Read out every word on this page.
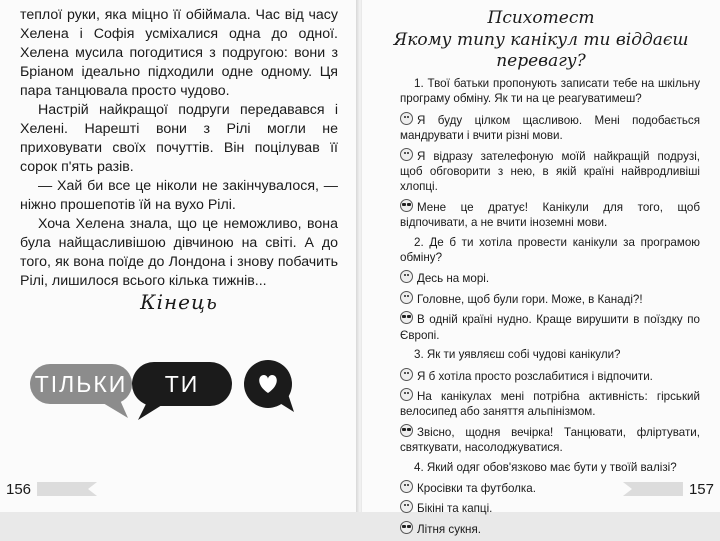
теплої руки, яка міцно її обіймала. Час від часу Хелена і Софія усміхалися одна до одної. Хелена мусила погодитися з подругою: вони з Бріаном ідеально підходили одне одному. Ця пара танцювала просто чудово.

Настрій найкращої подруги передавався і Хелені. Нарешті вони з Рілі могли не приховувати своїх почуттів. Він поцілував її сорок п'ять разів.

— Хай би все це ніколи не закінчувалося, — ніжно прошепотів їй на вухо Рілі.

Хоча Хелена знала, що це неможливо, вона була найщасливішою дівчиною на світі. А до того, як вона поїде до Лондона і знову побачить Рілі, лишилося всього кілька тижнів...

Кінець
ТІЛЬКИ	ТИ
156
Психотест
Якому типу канікул ти віддаєш
перевагу?

1. Твої батьки пропонують записати тебе на шкільну програму обміну. Як ти на це реагуватимеш?

Я буду цілком щасливою. Мені подобається мандрувати і вчити різні мови.

Я відразу зателефоную моїй найкращій подрузі, щоб обговорити з нею, в якій країні найвродливіші хлопці.

Мене це дратує! Канікули для того, щоб відпочивати, а не вчити іноземні мови.

2. Де б ти хотіла провести канікули за програмою обміну?

Десь на морі.

Головне, щоб були гори. Може, в Канаді?!

В одній країні нудно. Краще вирушити в поїздку по Європі.

3. Як ти уявляєш собі чудові канікули?

Я б хотіла просто розслабитися і відпочити.

На канікулах мені потрібна активність: гірський велосипед або заняття альпінізмом.

Звісно, щодня вечірка! Танцювати, фліртувати, святкувати, насолоджуватися.

4. Який одяг обов'язково має бути у твоїй валізі?

Кросівки та футболка.

Бікіні та капці.

Літня сукня.

157
